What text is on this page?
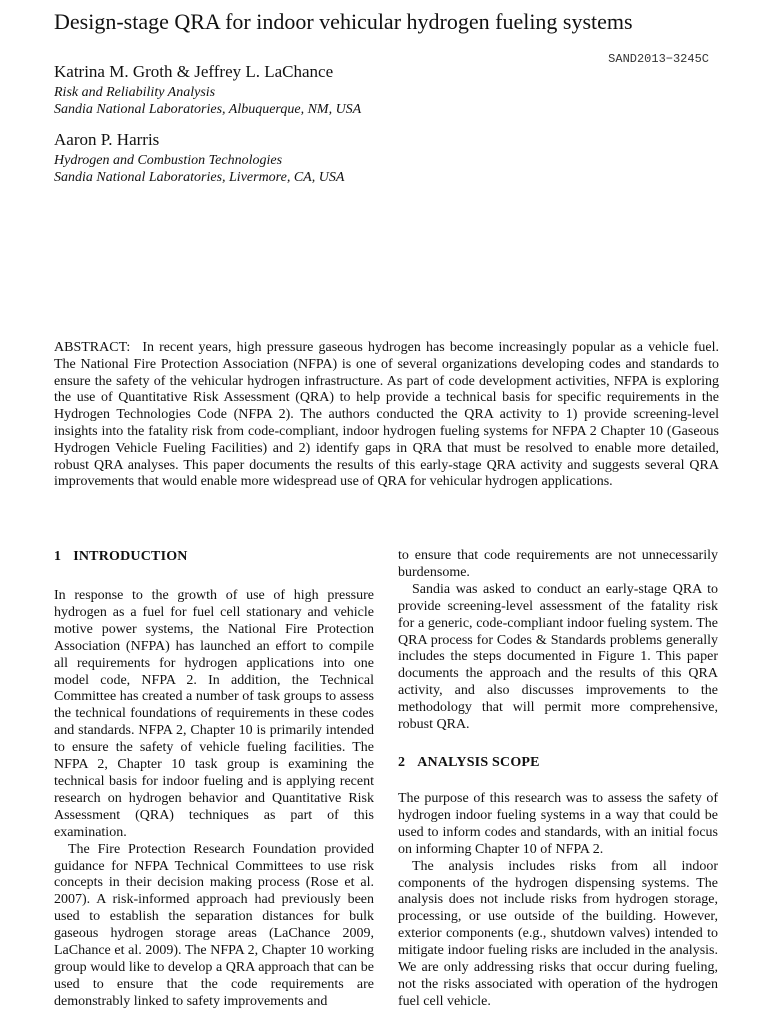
Design-stage QRA for indoor vehicular hydrogen fueling systems
SAND2013−3245C

Katrina M. Groth & Jeffrey L. LaChance

Risk and Reliability Analysis

Sandia National Laboratories, Albuquerque, NM, USA

Aaron P. Harris

Hydrogen and Combustion Technologies

Sandia National Laboratories, Livermore, CA, USA

ABSTRACT: In recent years, high pressure gaseous hydrogen has become increasingly popular as a vehicle fuel. The National Fire Protection Association (NFPA) is one of several organizations developing codes and standards to ensure the safety of the vehicular hydrogen infrastructure. As part of code development activities, NFPA is exploring the use of Quantitative Risk Assessment (QRA) to help provide a technical basis for specific requirements in the Hydrogen Technologies Code (NFPA 2). The authors conducted the QRA activity to 1) provide screening-level insights into the fatality risk from code-compliant, indoor hydrogen fueling systems for NFPA 2 Chapter 10 (Gaseous Hydrogen Vehicle Fueling Facilities) and 2) identify gaps in QRA that must be resolved to enable more detailed, robust QRA analyses. This paper documents the results of this early-stage QRA activity and suggests several QRA improvements that would enable more widespread use of QRA for vehicular hydrogen applications.

1 INTRODUCTION

In response to the growth of use of high pressure hydrogen as a fuel for fuel cell stationary and vehicle motive power systems, the National Fire Protection Association (NFPA) has launched an effort to compile all requirements for hydrogen applications into one model code, NFPA 2. In addition, the Technical Committee has created a number of task groups to assess the technical foundations of requirements in these codes and standards. NFPA 2, Chapter 10 is primarily intended to ensure the safety of vehicle fueling facilities. The NFPA 2, Chapter 10 task group is examining the technical basis for indoor fueling and is applying recent research on hydrogen behavior and Quantitative Risk Assessment (QRA) techniques as part of this examination.

The Fire Protection Research Foundation provided guidance for NFPA Technical Committees to use risk concepts in their decision making process (Rose et al. 2007). A risk-informed approach had previously been used to establish the separation distances for bulk gaseous hydrogen storage areas (LaChance 2009, LaChance et al. 2009). The NFPA 2, Chapter 10 working group would like to develop a QRA approach that can be used to ensure that the code requirements are demonstrably linked to safety improvements and

to ensure that code requirements are not unnecessarily burdensome.

Sandia was asked to conduct an early-stage QRA to provide screening-level assessment of the fatality risk for a generic, code-compliant indoor fueling system. The QRA process for Codes & Standards problems generally includes the steps documented in Figure 1. This paper documents the approach and the results of this QRA activity, and also discusses improvements to the methodology that will permit more comprehensive, robust QRA.

2 ANALYSIS SCOPE

The purpose of this research was to assess the safety of hydrogen indoor fueling systems in a way that could be used to inform codes and standards, with an initial focus on informing Chapter 10 of NFPA 2.

The analysis includes risks from all indoor components of the hydrogen dispensing systems. The analysis does not include risks from hydrogen storage, processing, or use outside of the building. However, exterior components (e.g., shutdown valves) intended to mitigate indoor fueling risks are included in the analysis. We are only addressing risks that occur during fueling, not the risks associated with operation of the hydrogen fuel cell vehicle.
